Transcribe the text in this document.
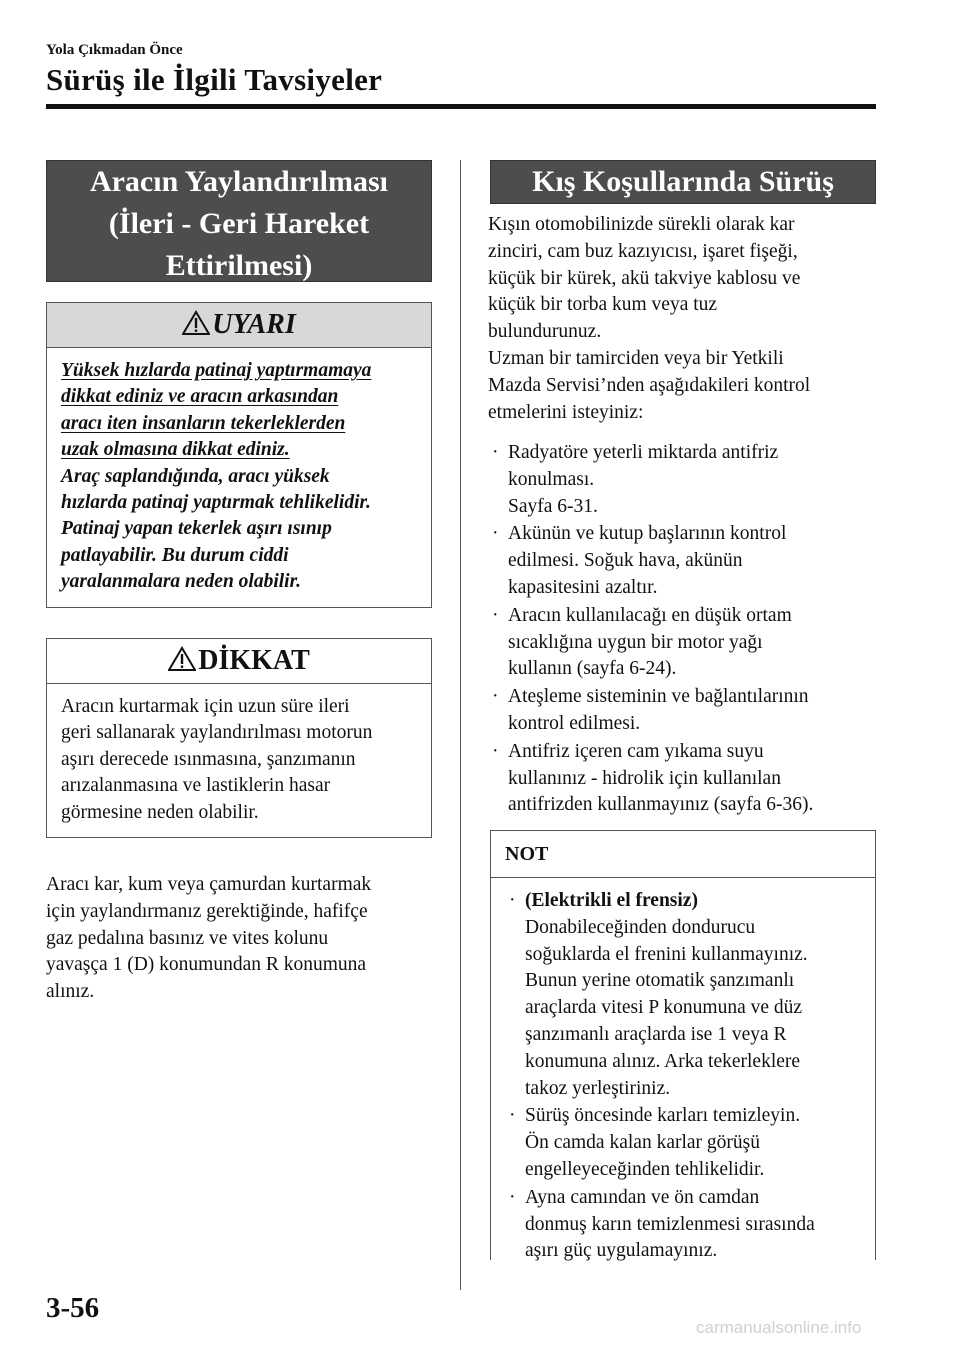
Yola Çıkmadan Önce
Sürüş ile İlgili Tavsiyeler
Aracın Yaylandırılması
(İleri - Geri Hareket
Ettirilmesi)
UYARI
Yüksek hızlarda patinaj yaptırmamaya
dikkat ediniz ve aracın arkasından
aracı iten insanların tekerleklerden
uzak olmasına dikkat ediniz.
Araç saplandığında, aracı yüksek
hızlarda patinaj yaptırmak tehlikelidir.
Patinaj yapan tekerlek aşırı ısınıp
patlayabilir. Bu durum ciddi
yaralanmalara neden olabilir.
DİKKAT
Aracın kurtarmak için uzun süre ileri
geri sallanarak yaylandırılması motorun
aşırı derecede ısınmasına, şanzımanın
arızalanmasına ve lastiklerin hasar
görmesine neden olabilir.
Aracı kar, kum veya çamurdan kurtarmak
için yaylandırmanız gerektiğinde, hafifçe
gaz pedalına basınız ve vites kolunu
yavaşça 1 (D) konumundan R konumuna
alınız.
Kış Koşullarında Sürüş
Kışın otomobilinizde sürekli olarak kar
zinciri, cam buz kazıyıcısı, işaret fişeği,
küçük bir kürek, akü takviye kablosu ve
küçük bir torba kum veya tuz
bulundurunuz.
Uzman bir tamirciden veya bir Yetkili
Mazda Servisi’nden aşağıdakileri kontrol
etmelerini isteyiniz:
· Radyatöre yeterli miktarda antifriz
konulması.
Sayfa 6-31.
· Akünün ve kutup başlarının kontrol
edilmesi. Soğuk hava, akünün
kapasitesini azaltır.
· Aracın kullanılacağı en düşük ortam
sıcaklığına uygun bir motor yağı
kullanın (sayfa 6-24).
· Ateşleme sisteminin ve bağlantılarının
kontrol edilmesi.
· Antifriz içeren cam yıkama suyu
kullanınız - hidrolik için kullanılan
antifrizden kullanmayınız (sayfa 6-36).
NOT
· (Elektrikli el frensiz)
Donabileceğinden dondurucu
soğuklarda el frenini kullanmayınız.
Bunun yerine otomatik şanzımanlı
araçlarda vitesi P konumuna ve düz
şanzımanlı araçlarda ise 1 veya R
konumuna alınız. Arka tekerleklere
takoz yerleştiriniz.
· Sürüş öncesinde karları temizleyin.
Ön camda kalan karlar görüşü
engelleyeceğinden tehlikelidir.
· Ayna camından ve ön camdan
donmuş karın temizlenmesi sırasında
aşırı güç uygulamayınız.
3-56
carmanualsonline.info
